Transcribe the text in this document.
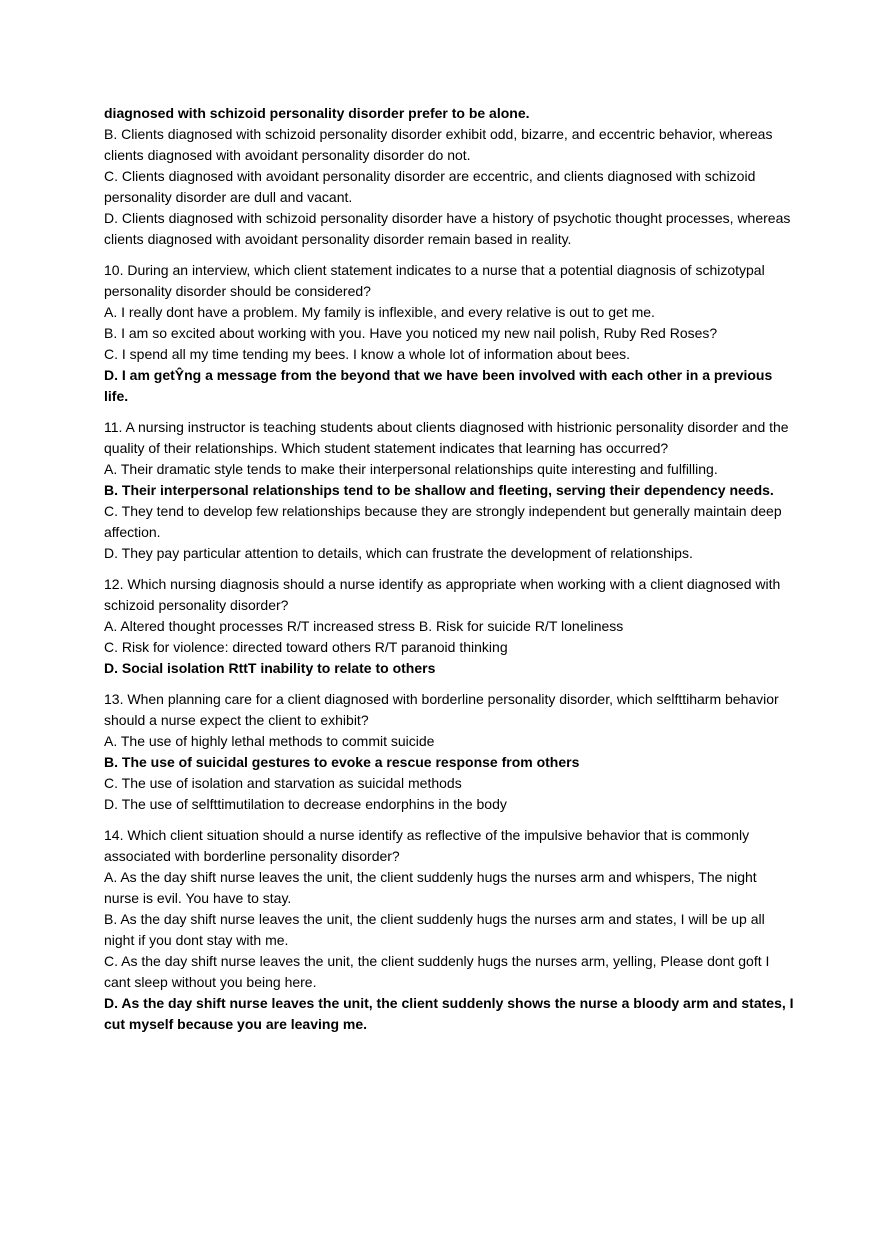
diagnosed with schizoid personality disorder prefer to be alone.

B. Clients diagnosed with schizoid personality disorder exhibit odd, bizarre, and eccentric behavior, whereas clients diagnosed with avoidant personality disorder do not.

C. Clients diagnosed with avoidant personality disorder are eccentric, and clients diagnosed with schizoid personality disorder are dull and vacant.

D. Clients diagnosed with schizoid personality disorder have a history of psychotic thought processes, whereas clients diagnosed with avoidant personality disorder remain based in reality.

10. During an interview, which client statement indicates to a nurse that a potential diagnosis of schizotypal personality disorder should be considered?

A. I really dont have a problem. My family is inflexible, and every relative is out to get me.

B. I am so excited about working with you. Have you noticed my new nail polish, Ruby Red Roses?

C. I spend all my time tending my bees. I know a whole lot of information about bees.

D. I am getŶng a message from the beyond that we have been involved with each other in a previous life.

11. A nursing instructor is teaching students about clients diagnosed with histrionic personality disorder and the quality of their relationships. Which student statement indicates that learning has occurred?

A. Their dramatic style tends to make their interpersonal relationships quite interesting and fulfilling.

B. Their interpersonal relationships tend to be shallow and fleeting, serving their dependency needs.

C. They tend to develop few relationships because they are strongly independent but generally maintain deep affection.

D. They pay particular attention to details, which can frustrate the development of relationships.

12. Which nursing diagnosis should a nurse identify as appropriate when working with a client diagnosed with schizoid personality disorder?

A. Altered thought processes R/T increased stress B. Risk for suicide R/T loneliness

C. Risk for violence: directed toward others R/T paranoid thinking

D. Social isolation RttT inability to relate to others

13. When planning care for a client diagnosed with borderline personality disorder, which selfttiharm behavior should a nurse expect the client to exhibit?

A. The use of highly lethal methods to commit suicide

B. The use of suicidal gestures to evoke a rescue response from others

C. The use of isolation and starvation as suicidal methods

D. The use of selfttimutilation to decrease endorphins in the body

14. Which client situation should a nurse identify as reflective of the impulsive behavior that is commonly associated with borderline personality disorder?

A. As the day shift nurse leaves the unit, the client suddenly hugs the nurses arm and whispers, The night nurse is evil. You have to stay.

B. As the day shift nurse leaves the unit, the client suddenly hugs the nurses arm and states, I will be up all night if you dont stay with me.

C. As the day shift nurse leaves the unit, the client suddenly hugs the nurses arm, yelling, Please dont goft I cant sleep without you being here.

D. As the day shift nurse leaves the unit, the client suddenly shows the nurse a bloody arm and states, I cut myself because you are leaving me.
